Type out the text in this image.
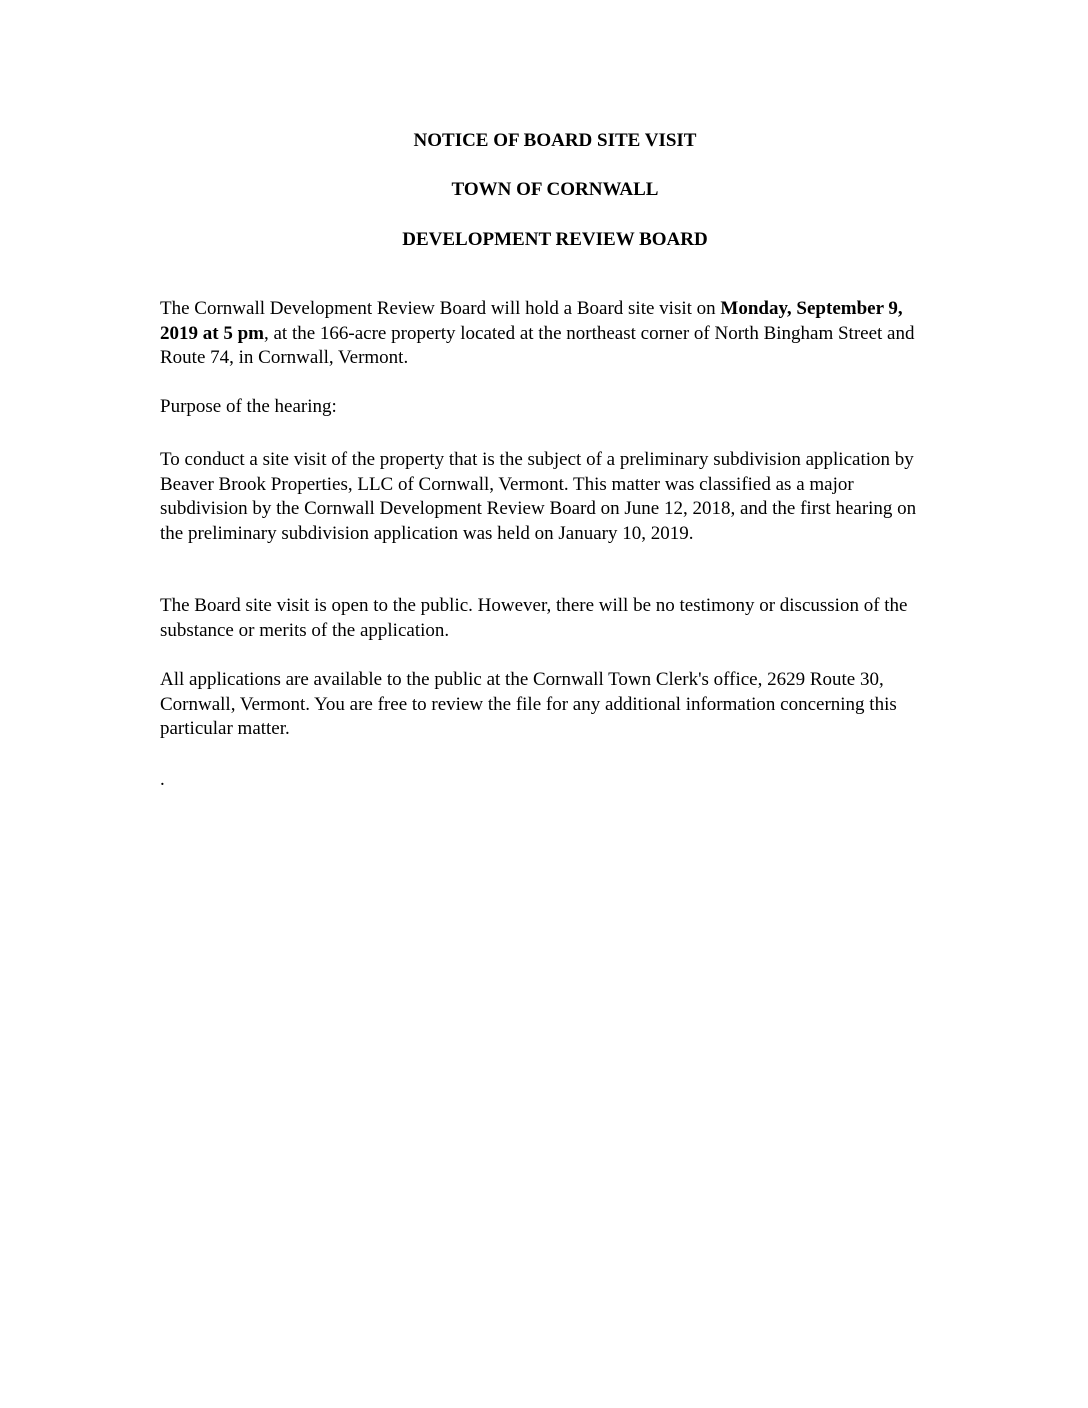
NOTICE OF BOARD SITE VISIT

TOWN OF CORNWALL

DEVELOPMENT REVIEW BOARD

The Cornwall Development Review Board will hold a Board site visit on Monday, September 9, 2019 at 5 pm, at the 166-acre property located at the northeast corner of North Bingham Street and Route 74, in Cornwall, Vermont.

Purpose of the hearing:

To conduct a site visit of the property that is the subject of a preliminary subdivision application by Beaver Brook Properties, LLC of Cornwall, Vermont. This matter was classified as a major subdivision by the Cornwall Development Review Board on June 12, 2018, and the first hearing on the preliminary subdivision application was held on January 10, 2019.

The Board site visit is open to the public. However, there will be no testimony or discussion of the substance or merits of the application.

All applications are available to the public at the Cornwall Town Clerk's office, 2629 Route 30, Cornwall, Vermont. You are free to review the file for any additional information concerning this particular matter.

.
